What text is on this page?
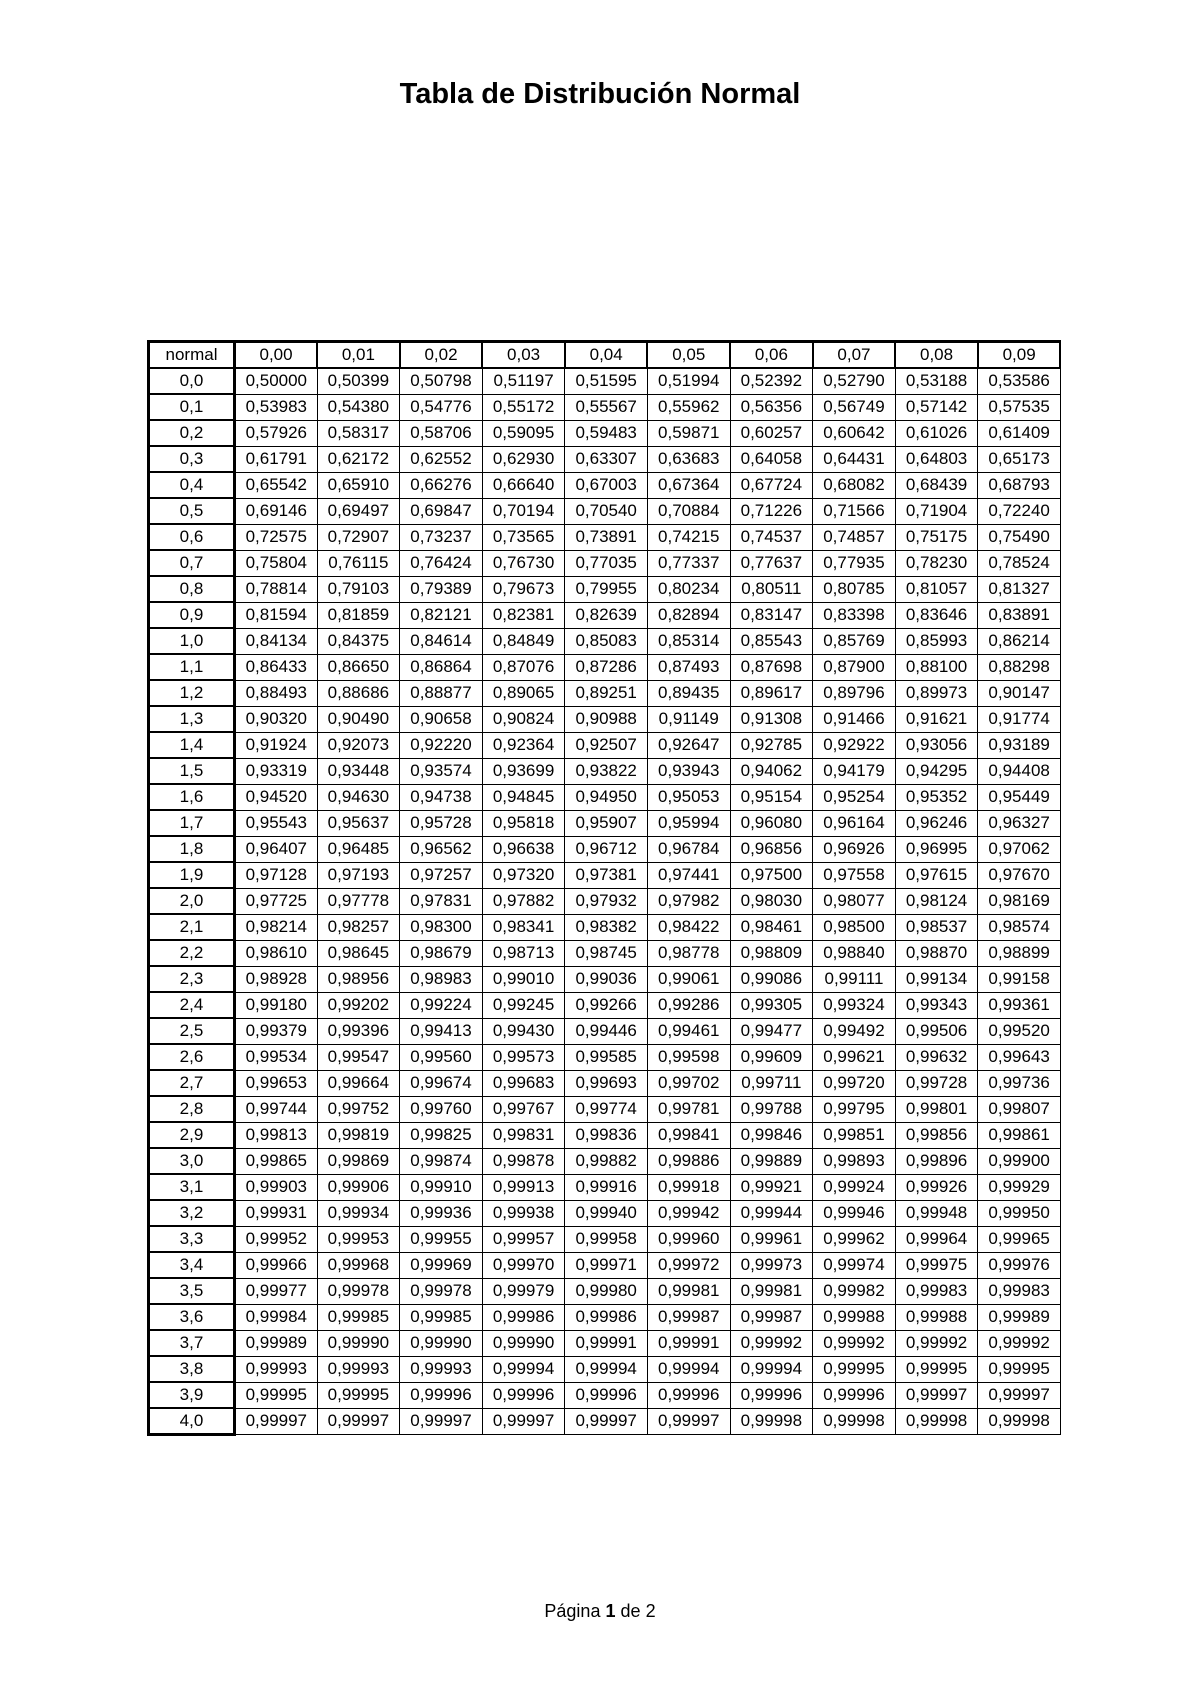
Tabla de Distribución Normal
normal	0,00	0,01	0,02	0,03	0,04	0,05	0,06	0,07	0,08	0,09
0,0	0,50000	0,50399	0,50798	0,51197	0,51595	0,51994	0,52392	0,52790	0,53188	0,53586
0,1	0,53983	0,54380	0,54776	0,55172	0,55567	0,55962	0,56356	0,56749	0,57142	0,57535
0,2	0,57926	0,58317	0,58706	0,59095	0,59483	0,59871	0,60257	0,60642	0,61026	0,61409
0,3	0,61791	0,62172	0,62552	0,62930	0,63307	0,63683	0,64058	0,64431	0,64803	0,65173
0,4	0,65542	0,65910	0,66276	0,66640	0,67003	0,67364	0,67724	0,68082	0,68439	0,68793
0,5	0,69146	0,69497	0,69847	0,70194	0,70540	0,70884	0,71226	0,71566	0,71904	0,72240
0,6	0,72575	0,72907	0,73237	0,73565	0,73891	0,74215	0,74537	0,74857	0,75175	0,75490
0,7	0,75804	0,76115	0,76424	0,76730	0,77035	0,77337	0,77637	0,77935	0,78230	0,78524
0,8	0,78814	0,79103	0,79389	0,79673	0,79955	0,80234	0,80511	0,80785	0,81057	0,81327
0,9	0,81594	0,81859	0,82121	0,82381	0,82639	0,82894	0,83147	0,83398	0,83646	0,83891
1,0	0,84134	0,84375	0,84614	0,84849	0,85083	0,85314	0,85543	0,85769	0,85993	0,86214
1,1	0,86433	0,86650	0,86864	0,87076	0,87286	0,87493	0,87698	0,87900	0,88100	0,88298
1,2	0,88493	0,88686	0,88877	0,89065	0,89251	0,89435	0,89617	0,89796	0,89973	0,90147
1,3	0,90320	0,90490	0,90658	0,90824	0,90988	0,91149	0,91308	0,91466	0,91621	0,91774
1,4	0,91924	0,92073	0,92220	0,92364	0,92507	0,92647	0,92785	0,92922	0,93056	0,93189
1,5	0,93319	0,93448	0,93574	0,93699	0,93822	0,93943	0,94062	0,94179	0,94295	0,94408
1,6	0,94520	0,94630	0,94738	0,94845	0,94950	0,95053	0,95154	0,95254	0,95352	0,95449
1,7	0,95543	0,95637	0,95728	0,95818	0,95907	0,95994	0,96080	0,96164	0,96246	0,96327
1,8	0,96407	0,96485	0,96562	0,96638	0,96712	0,96784	0,96856	0,96926	0,96995	0,97062
1,9	0,97128	0,97193	0,97257	0,97320	0,97381	0,97441	0,97500	0,97558	0,97615	0,97670
2,0	0,97725	0,97778	0,97831	0,97882	0,97932	0,97982	0,98030	0,98077	0,98124	0,98169
2,1	0,98214	0,98257	0,98300	0,98341	0,98382	0,98422	0,98461	0,98500	0,98537	0,98574
2,2	0,98610	0,98645	0,98679	0,98713	0,98745	0,98778	0,98809	0,98840	0,98870	0,98899
2,3	0,98928	0,98956	0,98983	0,99010	0,99036	0,99061	0,99086	0,99111	0,99134	0,99158
2,4	0,99180	0,99202	0,99224	0,99245	0,99266	0,99286	0,99305	0,99324	0,99343	0,99361
2,5	0,99379	0,99396	0,99413	0,99430	0,99446	0,99461	0,99477	0,99492	0,99506	0,99520
2,6	0,99534	0,99547	0,99560	0,99573	0,99585	0,99598	0,99609	0,99621	0,99632	0,99643
2,7	0,99653	0,99664	0,99674	0,99683	0,99693	0,99702	0,99711	0,99720	0,99728	0,99736
2,8	0,99744	0,99752	0,99760	0,99767	0,99774	0,99781	0,99788	0,99795	0,99801	0,99807
2,9	0,99813	0,99819	0,99825	0,99831	0,99836	0,99841	0,99846	0,99851	0,99856	0,99861
3,0	0,99865	0,99869	0,99874	0,99878	0,99882	0,99886	0,99889	0,99893	0,99896	0,99900
3,1	0,99903	0,99906	0,99910	0,99913	0,99916	0,99918	0,99921	0,99924	0,99926	0,99929
3,2	0,99931	0,99934	0,99936	0,99938	0,99940	0,99942	0,99944	0,99946	0,99948	0,99950
3,3	0,99952	0,99953	0,99955	0,99957	0,99958	0,99960	0,99961	0,99962	0,99964	0,99965
3,4	0,99966	0,99968	0,99969	0,99970	0,99971	0,99972	0,99973	0,99974	0,99975	0,99976
3,5	0,99977	0,99978	0,99978	0,99979	0,99980	0,99981	0,99981	0,99982	0,99983	0,99983
3,6	0,99984	0,99985	0,99985	0,99986	0,99986	0,99987	0,99987	0,99988	0,99988	0,99989
3,7	0,99989	0,99990	0,99990	0,99990	0,99991	0,99991	0,99992	0,99992	0,99992	0,99992
3,8	0,99993	0,99993	0,99993	0,99994	0,99994	0,99994	0,99994	0,99995	0,99995	0,99995
3,9	0,99995	0,99995	0,99996	0,99996	0,99996	0,99996	0,99996	0,99996	0,99997	0,99997
4,0	0,99997	0,99997	0,99997	0,99997	0,99997	0,99997	0,99998	0,99998	0,99998	0,99998
Página 1 de 2
